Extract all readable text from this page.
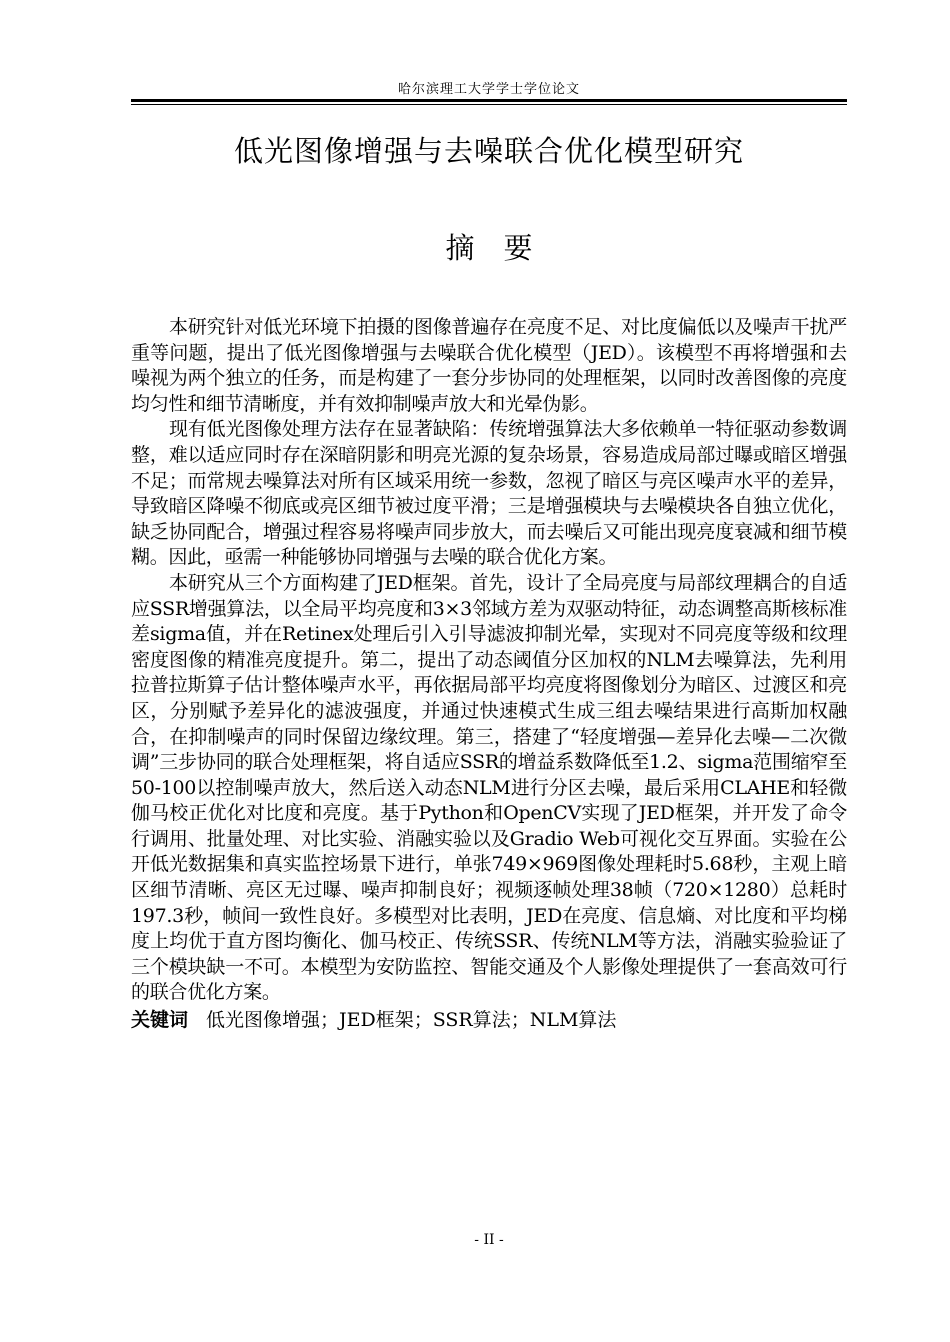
哈尔滨理工大学学士学位论文
低光图像增强与去噪联合优化模型研究
摘　要

本研究针对低光环境下拍摄的图像普遍存在亮度不足、对比度偏低以及噪声干扰严重等问题，提出了低光图像增强与去噪联合优化模型（JED）。该模型不再将增强和去噪视为两个独立的任务，而是构建了一套分步协同的处理框架，以同时改善图像的亮度均匀性和细节清晰度，并有效抑制噪声放大和光晕伪影。

现有低光图像处理方法存在显著缺陷：传统增强算法大多依赖单一特征驱动参数调整，难以适应同时存在深暗阴影和明亮光源的复杂场景，容易造成局部过曝或暗区增强不足；而常规去噪算法对所有区域采用统一参数，忽视了暗区与亮区噪声水平的差异，导致暗区降噪不彻底或亮区细节被过度平滑；三是增强模块与去噪模块各自独立优化，缺乏协同配合，增强过程容易将噪声同步放大，而去噪后又可能出现亮度衰减和细节模糊。因此，亟需一种能够协同增强与去噪的联合优化方案。

本研究从三个方面构建了JED框架。首先，设计了全局亮度与局部纹理耦合的自适应SSR增强算法，以全局平均亮度和3×3邻域方差为双驱动特征，动态调整高斯核标准差sigma值，并在Retinex处理后引入引导滤波抑制光晕，实现对不同亮度等级和纹理密度图像的精准亮度提升。第二，提出了动态阈值分区加权的NLM去噪算法，先利用拉普拉斯算子估计整体噪声水平，再依据局部平均亮度将图像划分为暗区、过渡区和亮区，分别赋予差异化的滤波强度，并通过快速模式生成三组去噪结果进行高斯加权融合，在抑制噪声的同时保留边缘纹理。第三，搭建了“轻度增强—差异化去噪—二次微调”三步协同的联合处理框架，将自适应SSR的增益系数降低至1.2、sigma范围缩窄至50-100以控制噪声放大，然后送入动态NLM进行分区去噪，最后采用CLAHE和轻微伽马校正优化对比度和亮度。基于Python和OpenCV实现了JED框架，并开发了命令行调用、批量处理、对比实验、消融实验以及Gradio Web可视化交互界面。实验在公开低光数据集和真实监控场景下进行，单张749×969图像处理耗时5.68秒，主观上暗区细节清晰、亮区无过曝、噪声抑制良好；视频逐帧处理38帧（720×1280）总耗时197.3秒，帧间一致性良好。多模型对比表明，JED在亮度、信息熵、对比度和平均梯度上均优于直方图均衡化、伽马校正、传统SSR、传统NLM等方法，消融实验验证了三个模块缺一不可。本模型为安防监控、智能交通及个人影像处理提供了一套高效可行的联合优化方案。

关键词 低光图像增强；JED框架；SSR算法；NLM算法

- II -
